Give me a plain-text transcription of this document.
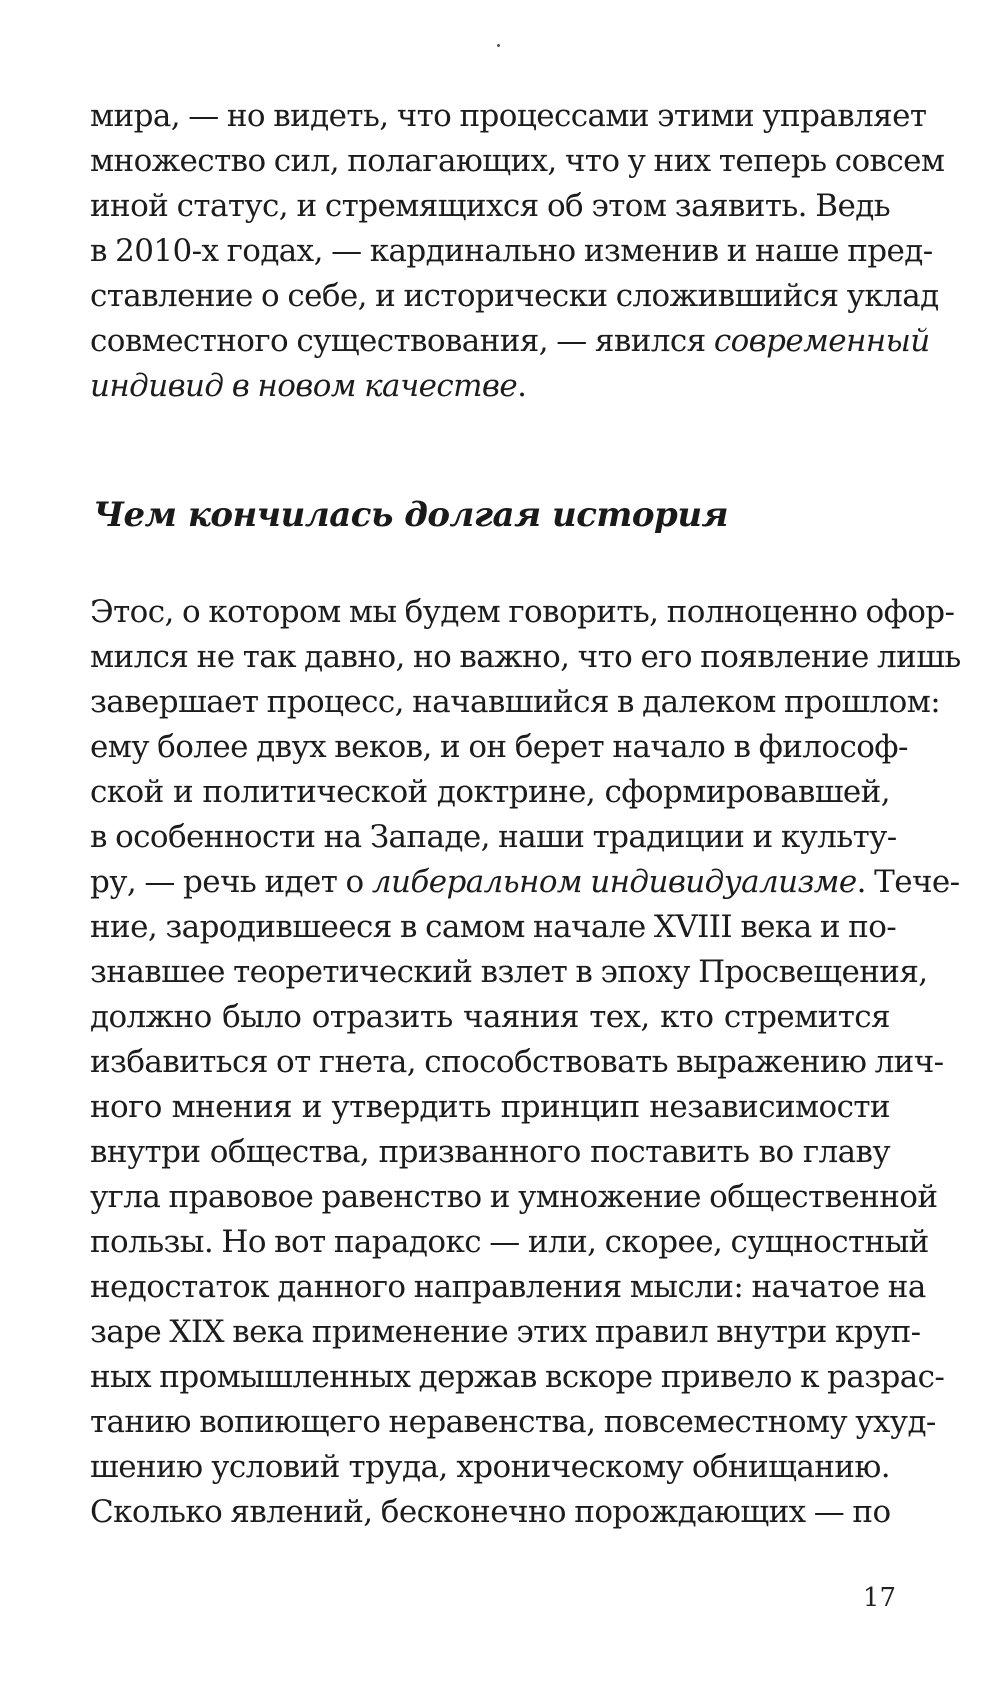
мира, — но видеть, что процессами этими управляет
множество сил, полагающих, что у них теперь совсем
иной статус, и стремящихся об этом заявить. Ведь
в 2010-х годах, — кардинально изменив и наше пред-
ставление о себе, и исторически сложившийся уклад
совместного существования, — явился современный
индивид в новом качестве.
Чем кончилась долгая история
Этос, о котором мы будем говорить, полноценно офор-
мился не так давно, но важно, что его появление лишь
завершает процесс, начавшийся в далеком прошлом:
ему более двух веков, и он берет начало в философ-
ской и политической доктрине, сформировавшей,
в особенности на Западе, наши традиции и культу-
ру, — речь идет о либеральном индивидуализме. Тече-
ние, зародившееся в самом начале XVIII века и по-
знавшее теоретический взлет в эпоху Просвещения,
должно было отразить чаяния тех, кто стремится
избавиться от гнета, способствовать выражению лич-
ного мнения и утвердить принцип независимости
внутри общества, призванного поставить во главу
угла правовое равенство и умножение общественной
пользы. Но вот парадокс — или, скорее, сущностный
недостаток данного направления мысли: начатое на
заре XIX века применение этих правил внутри круп-
ных промышленных держав вскоре привело к разрас-
танию вопиющего неравенства, повсеместному ухуд-
шению условий труда, хроническому обнищанию.
Сколько явлений, бесконечно порождающих — по
17
